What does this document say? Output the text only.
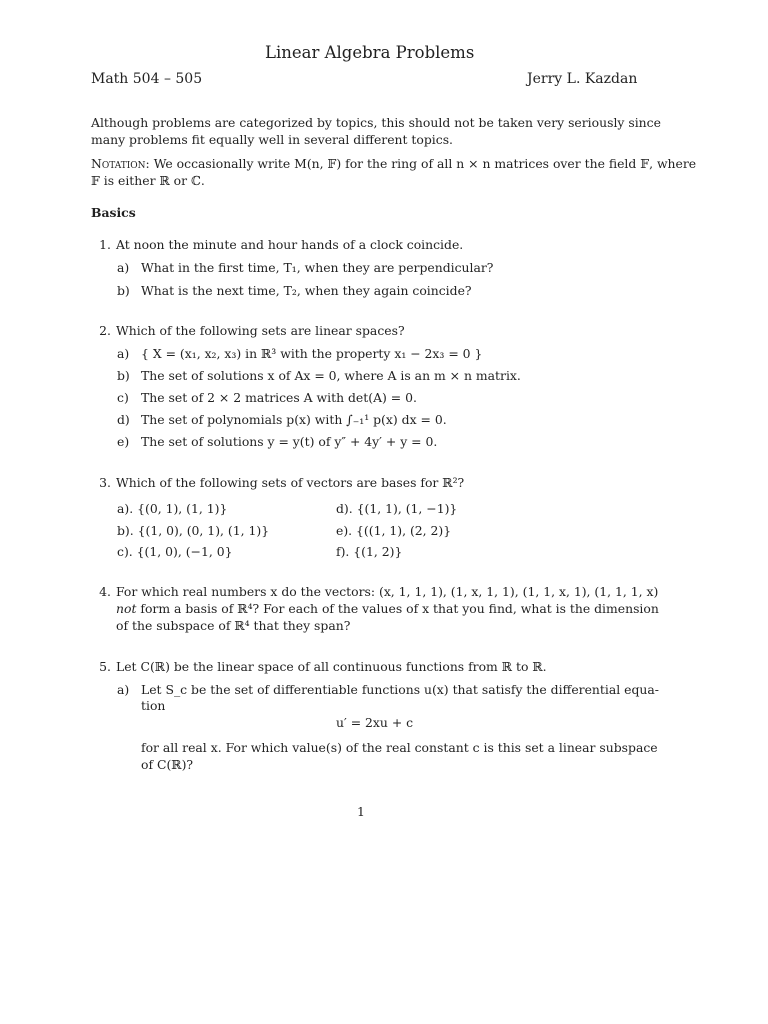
Linear Algebra Problems
Math 504 – 505	Jerry L. Kazdan
Although problems are categorized by topics, this should not be taken very seriously since
many problems fit equally well in several different topics.
Notation: We occasionally write M(n, 𝔽) for the ring of all n × n matrices over the field 𝔽, where
𝔽 is either ℝ or ℂ.
Basics
1. At noon the minute and hour hands of a clock coincide.
a) What in the first time, T₁, when they are perpendicular?
b) What is the next time, T₂, when they again coincide?
2. Which of the following sets are linear spaces?
a) { X = (x₁, x₂, x₃) in ℝ³ with the property x₁ − 2x₃ = 0 }
b) The set of solutions x of Ax = 0, where A is an m × n matrix.
c) The set of 2 × 2 matrices A with det(A) = 0.
d) The set of polynomials p(x) with ∫₋₁¹ p(x) dx = 0.
e) The set of solutions y = y(t) of y″ + 4y′ + y = 0.
3. Which of the following sets of vectors are bases for ℝ²?
a). {(0, 1), (1, 1)}
b). {(1, 0), (0, 1), (1, 1)}
c). {(1, 0), (−1, 0}
d). {(1, 1), (1, −1)}
e). {((1, 1), (2, 2)}
f). {(1, 2)}
4. For which real numbers x do the vectors: (x, 1, 1, 1), (1, x, 1, 1), (1, 1, x, 1), (1, 1, 1, x)
not form a basis of ℝ⁴? For each of the values of x that you find, what is the dimension
of the subspace of ℝ⁴ that they span?
5. Let C(ℝ) be the linear space of all continuous functions from ℝ to ℝ.
a) Let S_c be the set of differentiable functions u(x) that satisfy the differential equa-
tion
u′ = 2xu + c
for all real x. For which value(s) of the real constant c is this set a linear subspace
of C(ℝ)?
1
